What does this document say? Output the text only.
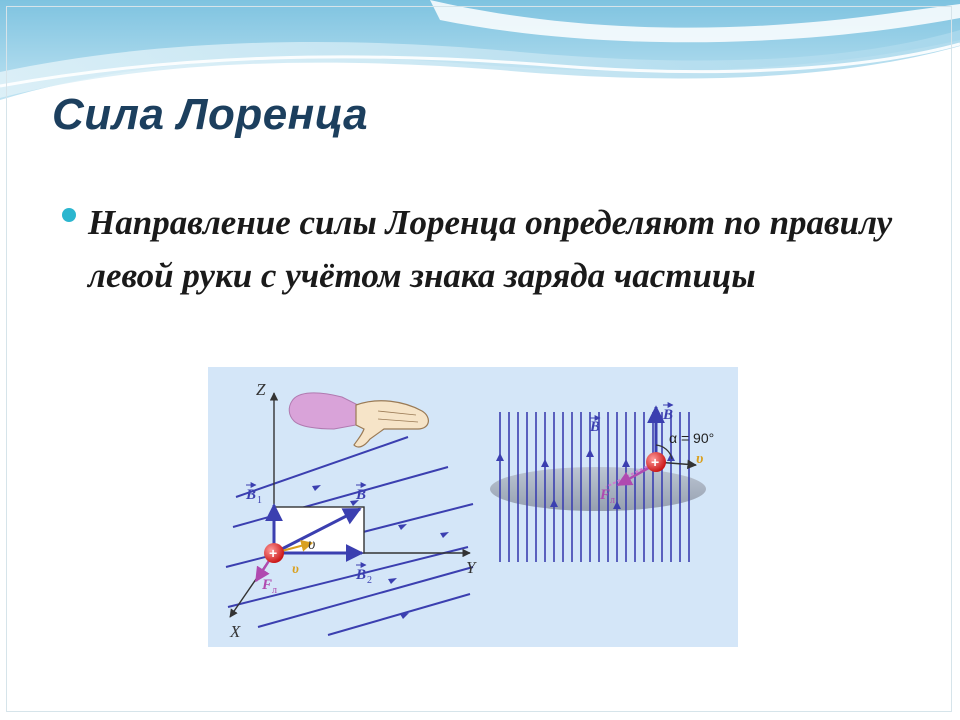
Сила Лоренца

Направление силы Лоренца определяют по правилу левой руки с учётом знака заряда частицы

Z
Y
X
B 1	B
B 2
υ
υ
F л
+
B
B
α = 90°
υ
F л
+
